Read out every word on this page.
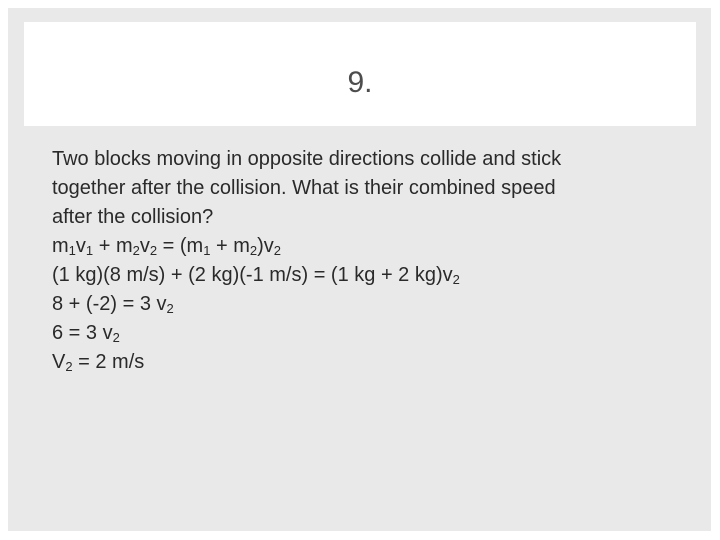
9.
Two blocks moving in opposite directions collide and stick
together after the collision. What is their combined speed
after the collision?
$m_1v_1 + m_2v_2 = (m_1 + m_2)v_2$
(1 kg)(8 m/s) + (2 kg)(-1 m/s) = (1 kg + 2 $kg)v_2$
8 + (-2) = 3 $v_2$
6 = 3 $v_2$
$V_2 = 2$ m/s
